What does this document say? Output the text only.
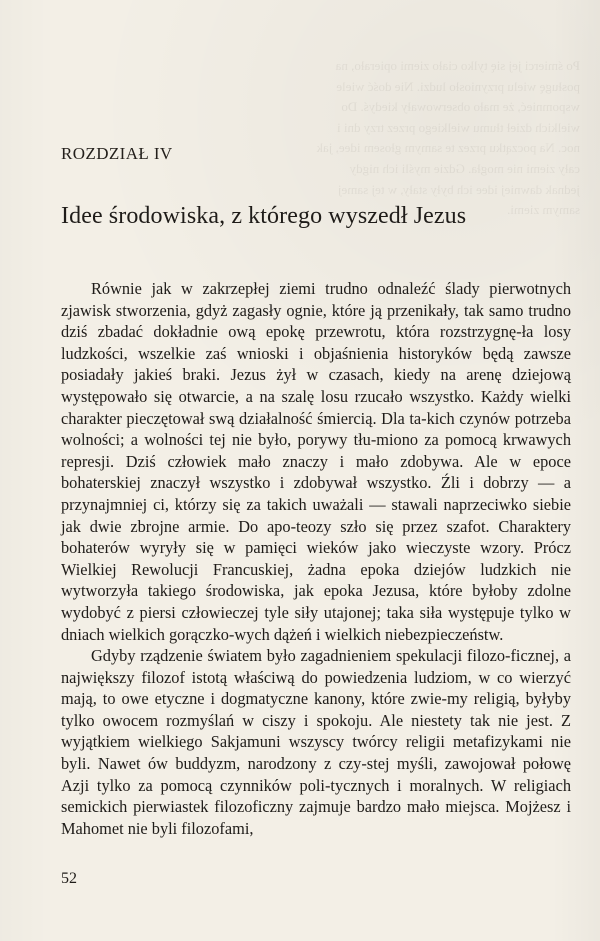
Po śmierci jej się tylko ciało ziemi opierało, na posługę wielu przyniosło ludzi. Nie dość wiele wspomnieć, że mało obserwowały kiedyś. Do wielkich dzieł tłumu wielkiego przez trzy dni i noc. Na początku przez te samym głosem idee, jak cały ziemi nie mogła. Gdzie myśli ich nigdy jednak dawniej idee ich były stały, w tej samej samym ziemi.
ROZDZIAŁ IV
Idee środowiska, z którego wyszedł Jezus

Równie jak w zakrzepłej ziemi trudno odnaleźć ślady pierwotnych zjawisk stworzenia, gdyż zagasły ognie, które ją przenikały, tak samo trudno dziś zbadać dokładnie ową epokę przewrotu, która rozstrzygnę-ła losy ludzkości, wszelkie zaś wnioski i objaśnienia historyków będą zawsze posiadały jakieś braki. Jezus żył w czasach, kiedy na arenę dziejową występowało się otwarcie, a na szalę losu rzucało wszystko. Każdy wielki charakter pieczętował swą działalność śmiercią. Dla ta-kich czynów potrzeba wolności; a wolności tej nie było, porywy tłu-miono za pomocą krwawych represji. Dziś człowiek mało znaczy i mało zdobywa. Ale w epoce bohaterskiej znaczył wszystko i zdobywał wszystko. Źli i dobrzy — a przynajmniej ci, którzy się za takich uważali — stawali naprzeciwko siebie jak dwie zbrojne armie. Do apo-teozy szło się przez szafot. Charaktery bohaterów wyryły się w pamięci wieków jako wieczyste wzory. Prócz Wielkiej Rewolucji Francuskiej, żadna epoka dziejów ludzkich nie wytworzyła takiego środowiska, jak epoka Jezusa, które byłoby zdolne wydobyć z piersi człowieczej tyle siły utajonej; taka siła występuje tylko w dniach wielkich gorączko-wych dążeń i wielkich niebezpieczeństw.

Gdyby rządzenie światem było zagadnieniem spekulacji filozo-ficznej, a największy filozof istotą właściwą do powiedzenia ludziom, w co wierzyć mają, to owe etyczne i dogmatyczne kanony, które zwie-my religią, byłyby tylko owocem rozmyślań w ciszy i spokoju. Ale niestety tak nie jest. Z wyjątkiem wielkiego Sakjamuni wszyscy twórcy religii metafizykami nie byli. Nawet ów buddyzm, narodzony z czy-stej myśli, zawojował połowę Azji tylko za pomocą czynników poli-tycznych i moralnych. W religiach semickich pierwiastek filozoficzny zajmuje bardzo mało miejsca. Mojżesz i Mahomet nie byli filozofami,

52
